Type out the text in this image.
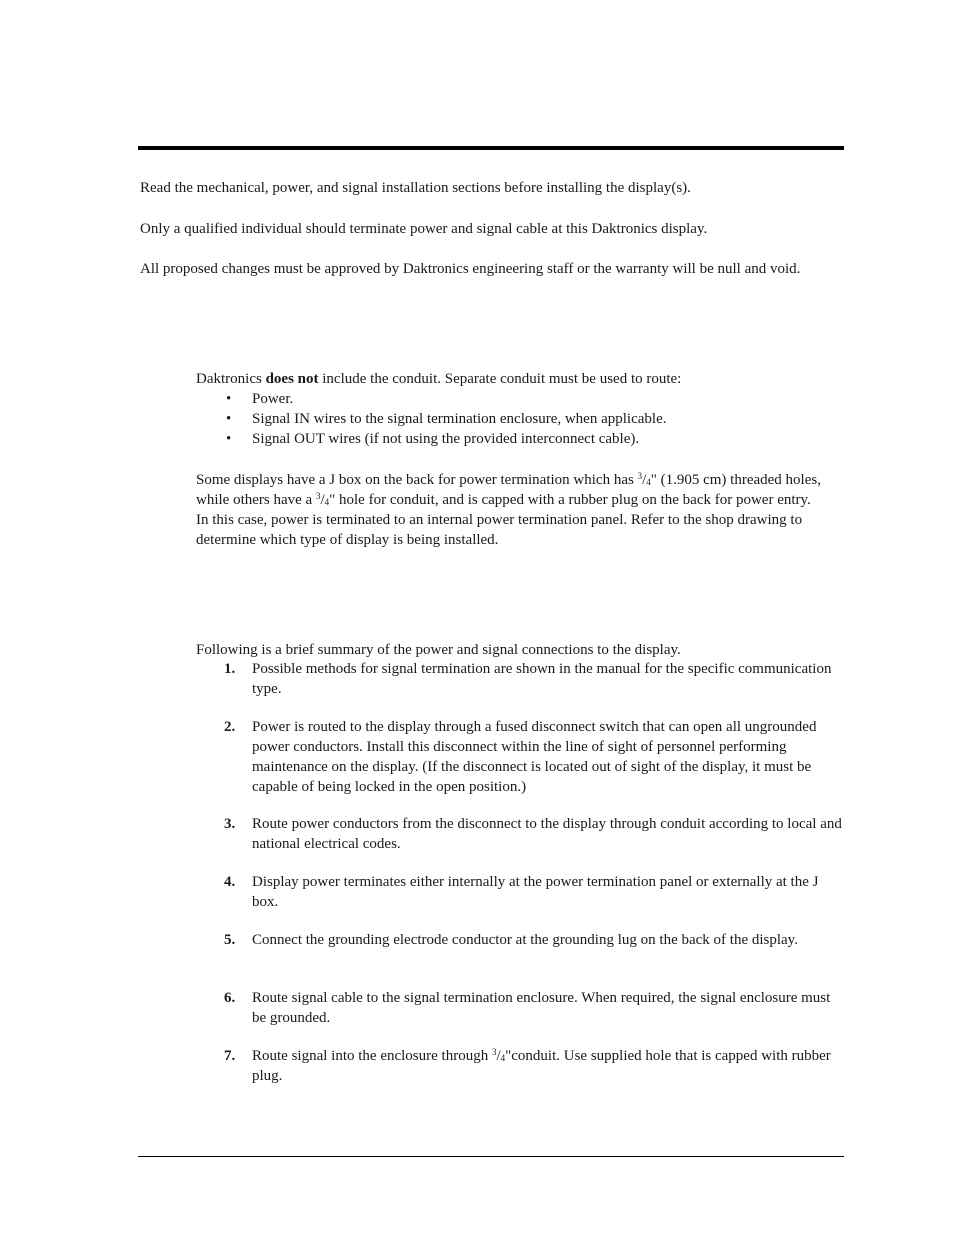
Read the mechanical, power, and signal installation sections before installing the display(s).

Only a qualified individual should terminate power and signal cable at this Daktronics display.

All proposed changes must be approved by Daktronics engineering staff or the warranty will be null and void.

Daktronics does not include the conduit. Separate conduit must be used to route:

• Power.
• Signal IN wires to the signal termination enclosure, when applicable.
• Signal OUT wires (if not using the provided interconnect cable).

Some displays have a J box on the back for power termination which has $^3/_4$" (1.905 cm) threaded holes, while others have a $^3/_4$" hole for conduit, and is capped with a rubber plug on the back for power entry. In this case, power is terminated to an internal power termination panel. Refer to the shop drawing to determine which type of display is being installed.

Following is a brief summary of the power and signal connections to the display.

1. Possible methods for signal termination are shown in the manual for the specific communication type.

2. Power is routed to the display through a fused disconnect switch that can open all ungrounded power conductors. Install this disconnect within the line of sight of personnel performing maintenance on the display. (If the disconnect is located out of sight of the display, it must be capable of being locked in the open position.)

3. Route power conductors from the disconnect to the display through conduit according to local and national electrical codes.

4. Display power terminates either internally at the power termination panel or externally at the J box.

5. Connect the grounding electrode conductor at the grounding lug on the back of the display.

6. Route signal cable to the signal termination enclosure. When required, the signal enclosure must be grounded.

7. Route signal into the enclosure through $^3/_4"conduit$. Use supplied hole that is capped with rubber plug.
